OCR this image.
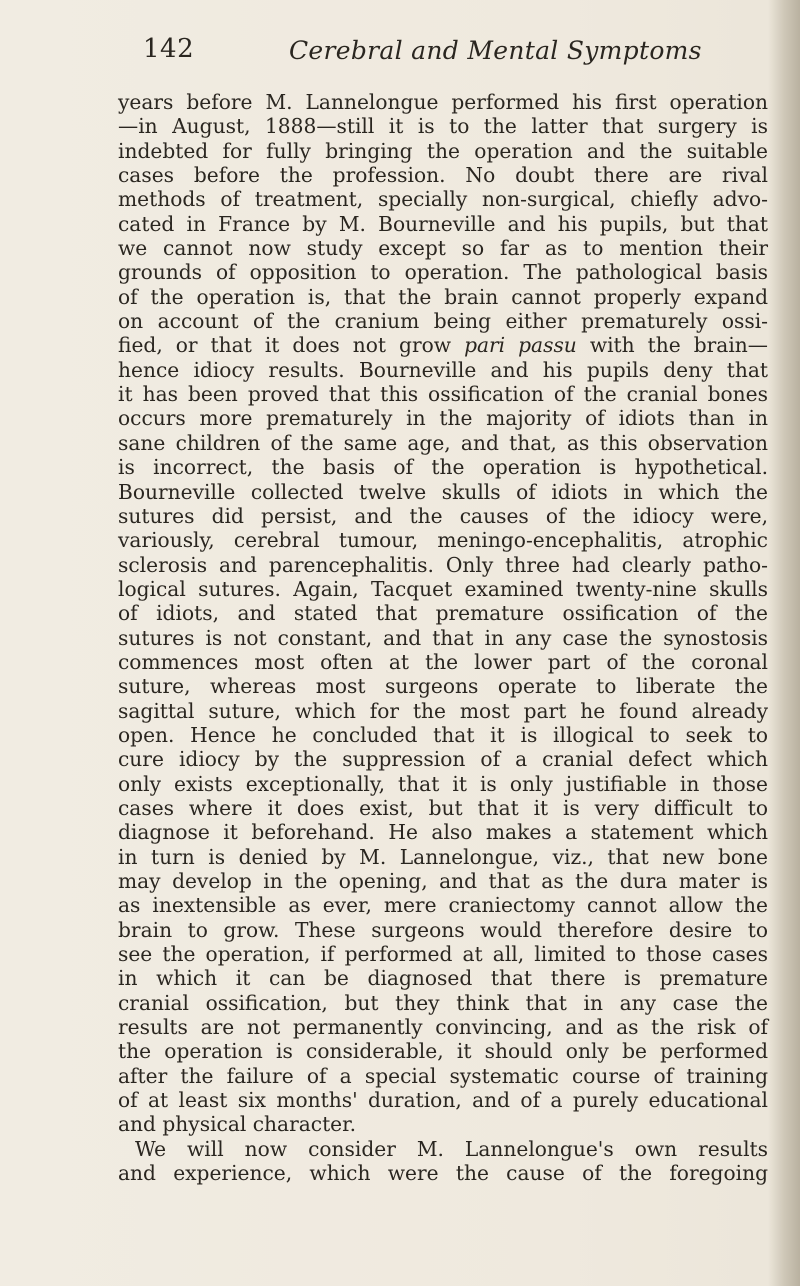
142	Cerebral and Mental Symptoms
years before M. Lannelongue performed his first operation
—in August, 1888—still it is to the latter that surgery is
indebted for fully bringing the operation and the suitable
cases before the profession. No doubt there are rival
methods of treatment, specially non-surgical, chiefly advo-
cated in France by M. Bourneville and his pupils, but that
we cannot now study except so far as to mention their
grounds of opposition to operation. The pathological basis
of the operation is, that the brain cannot properly expand
on account of the cranium being either prematurely ossi-
fied, or that it does not grow pari passu with the brain—
hence idiocy results. Bourneville and his pupils deny that
it has been proved that this ossification of the cranial bones
occurs more prematurely in the majority of idiots than in
sane children of the same age, and that, as this observation
is incorrect, the basis of the operation is hypothetical.
Bourneville collected twelve skulls of idiots in which the
sutures did persist, and the causes of the idiocy were,
variously, cerebral tumour, meningo-encephalitis, atrophic
sclerosis and parencephalitis. Only three had clearly patho-
logical sutures. Again, Tacquet examined twenty-nine skulls
of idiots, and stated that premature ossification of the
sutures is not constant, and that in any case the synostosis
commences most often at the lower part of the coronal
suture, whereas most surgeons operate to liberate the
sagittal suture, which for the most part he found already
open. Hence he concluded that it is illogical to seek to
cure idiocy by the suppression of a cranial defect which
only exists exceptionally, that it is only justifiable in those
cases where it does exist, but that it is very difficult to
diagnose it beforehand. He also makes a statement which
in turn is denied by M. Lannelongue, viz., that new bone
may develop in the opening, and that as the dura mater is
as inextensible as ever, mere craniectomy cannot allow the
brain to grow. These surgeons would therefore desire to
see the operation, if performed at all, limited to those cases
in which it can be diagnosed that there is premature
cranial ossification, but they think that in any case the
results are not permanently convincing, and as the risk of
the operation is considerable, it should only be performed
after the failure of a special systematic course of training
of at least six months' duration, and of a purely educational
and physical character.
We will now consider M. Lannelongue's own results
and experience, which were the cause of the foregoing
